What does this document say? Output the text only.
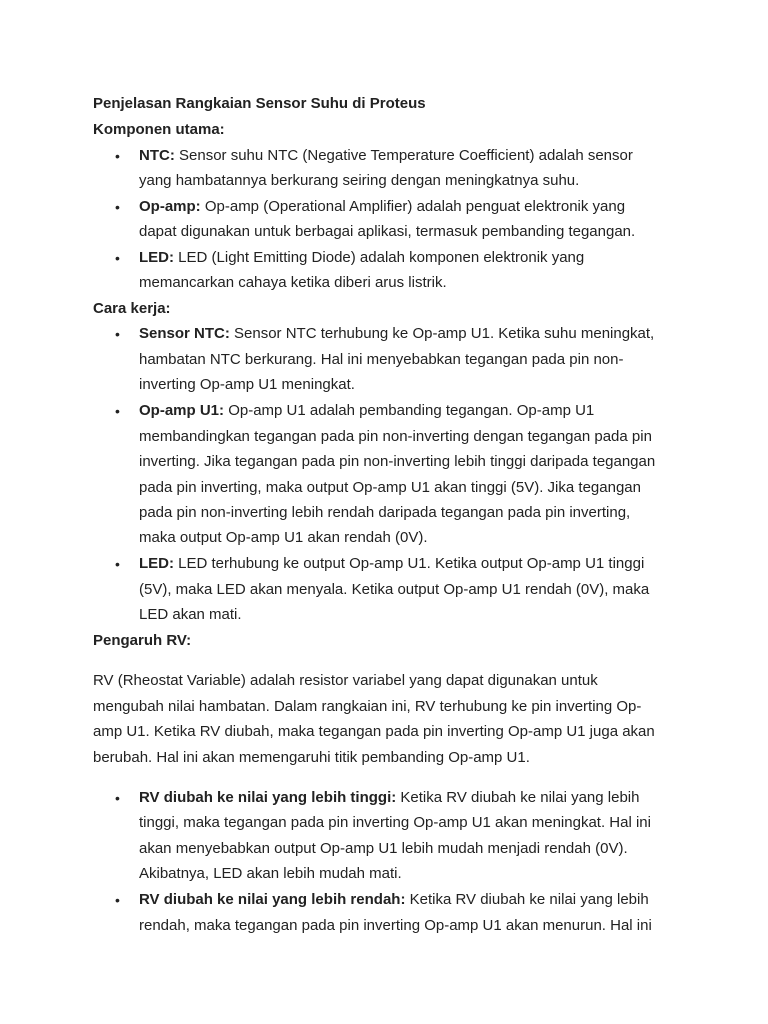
Penjelasan Rangkaian Sensor Suhu di Proteus
Komponen utama:
•	NTC: Sensor suhu NTC (Negative Temperature Coefficient) adalah sensor
yang hambatannya berkurang seiring dengan meningkatnya suhu.
•	Op-amp: Op-amp (Operational Amplifier) adalah penguat elektronik yang
dapat digunakan untuk berbagai aplikasi, termasuk pembanding tegangan.
•	LED: LED (Light Emitting Diode) adalah komponen elektronik yang
memancarkan cahaya ketika diberi arus listrik.
Cara kerja:
•	Sensor NTC: Sensor NTC terhubung ke Op-amp U1. Ketika suhu meningkat,
hambatan NTC berkurang. Hal ini menyebabkan tegangan pada pin non-
inverting Op-amp U1 meningkat.
•	Op-amp U1: Op-amp U1 adalah pembanding tegangan. Op-amp U1
membandingkan tegangan pada pin non-inverting dengan tegangan pada pin
inverting. Jika tegangan pada pin non-inverting lebih tinggi daripada tegangan
pada pin inverting, maka output Op-amp U1 akan tinggi (5V). Jika tegangan
pada pin non-inverting lebih rendah daripada tegangan pada pin inverting,
maka output Op-amp U1 akan rendah (0V).
•	LED: LED terhubung ke output Op-amp U1. Ketika output Op-amp U1 tinggi
(5V), maka LED akan menyala. Ketika output Op-amp U1 rendah (0V), maka
LED akan mati.
Pengaruh RV:
RV (Rheostat Variable) adalah resistor variabel yang dapat digunakan untuk
mengubah nilai hambatan. Dalam rangkaian ini, RV terhubung ke pin inverting Op-
amp U1. Ketika RV diubah, maka tegangan pada pin inverting Op-amp U1 juga akan
berubah. Hal ini akan memengaruhi titik pembanding Op-amp U1.
•	RV diubah ke nilai yang lebih tinggi: Ketika RV diubah ke nilai yang lebih
tinggi, maka tegangan pada pin inverting Op-amp U1 akan meningkat. Hal ini
akan menyebabkan output Op-amp U1 lebih mudah menjadi rendah (0V).
Akibatnya, LED akan lebih mudah mati.
•	RV diubah ke nilai yang lebih rendah: Ketika RV diubah ke nilai yang lebih
rendah, maka tegangan pada pin inverting Op-amp U1 akan menurun. Hal ini
